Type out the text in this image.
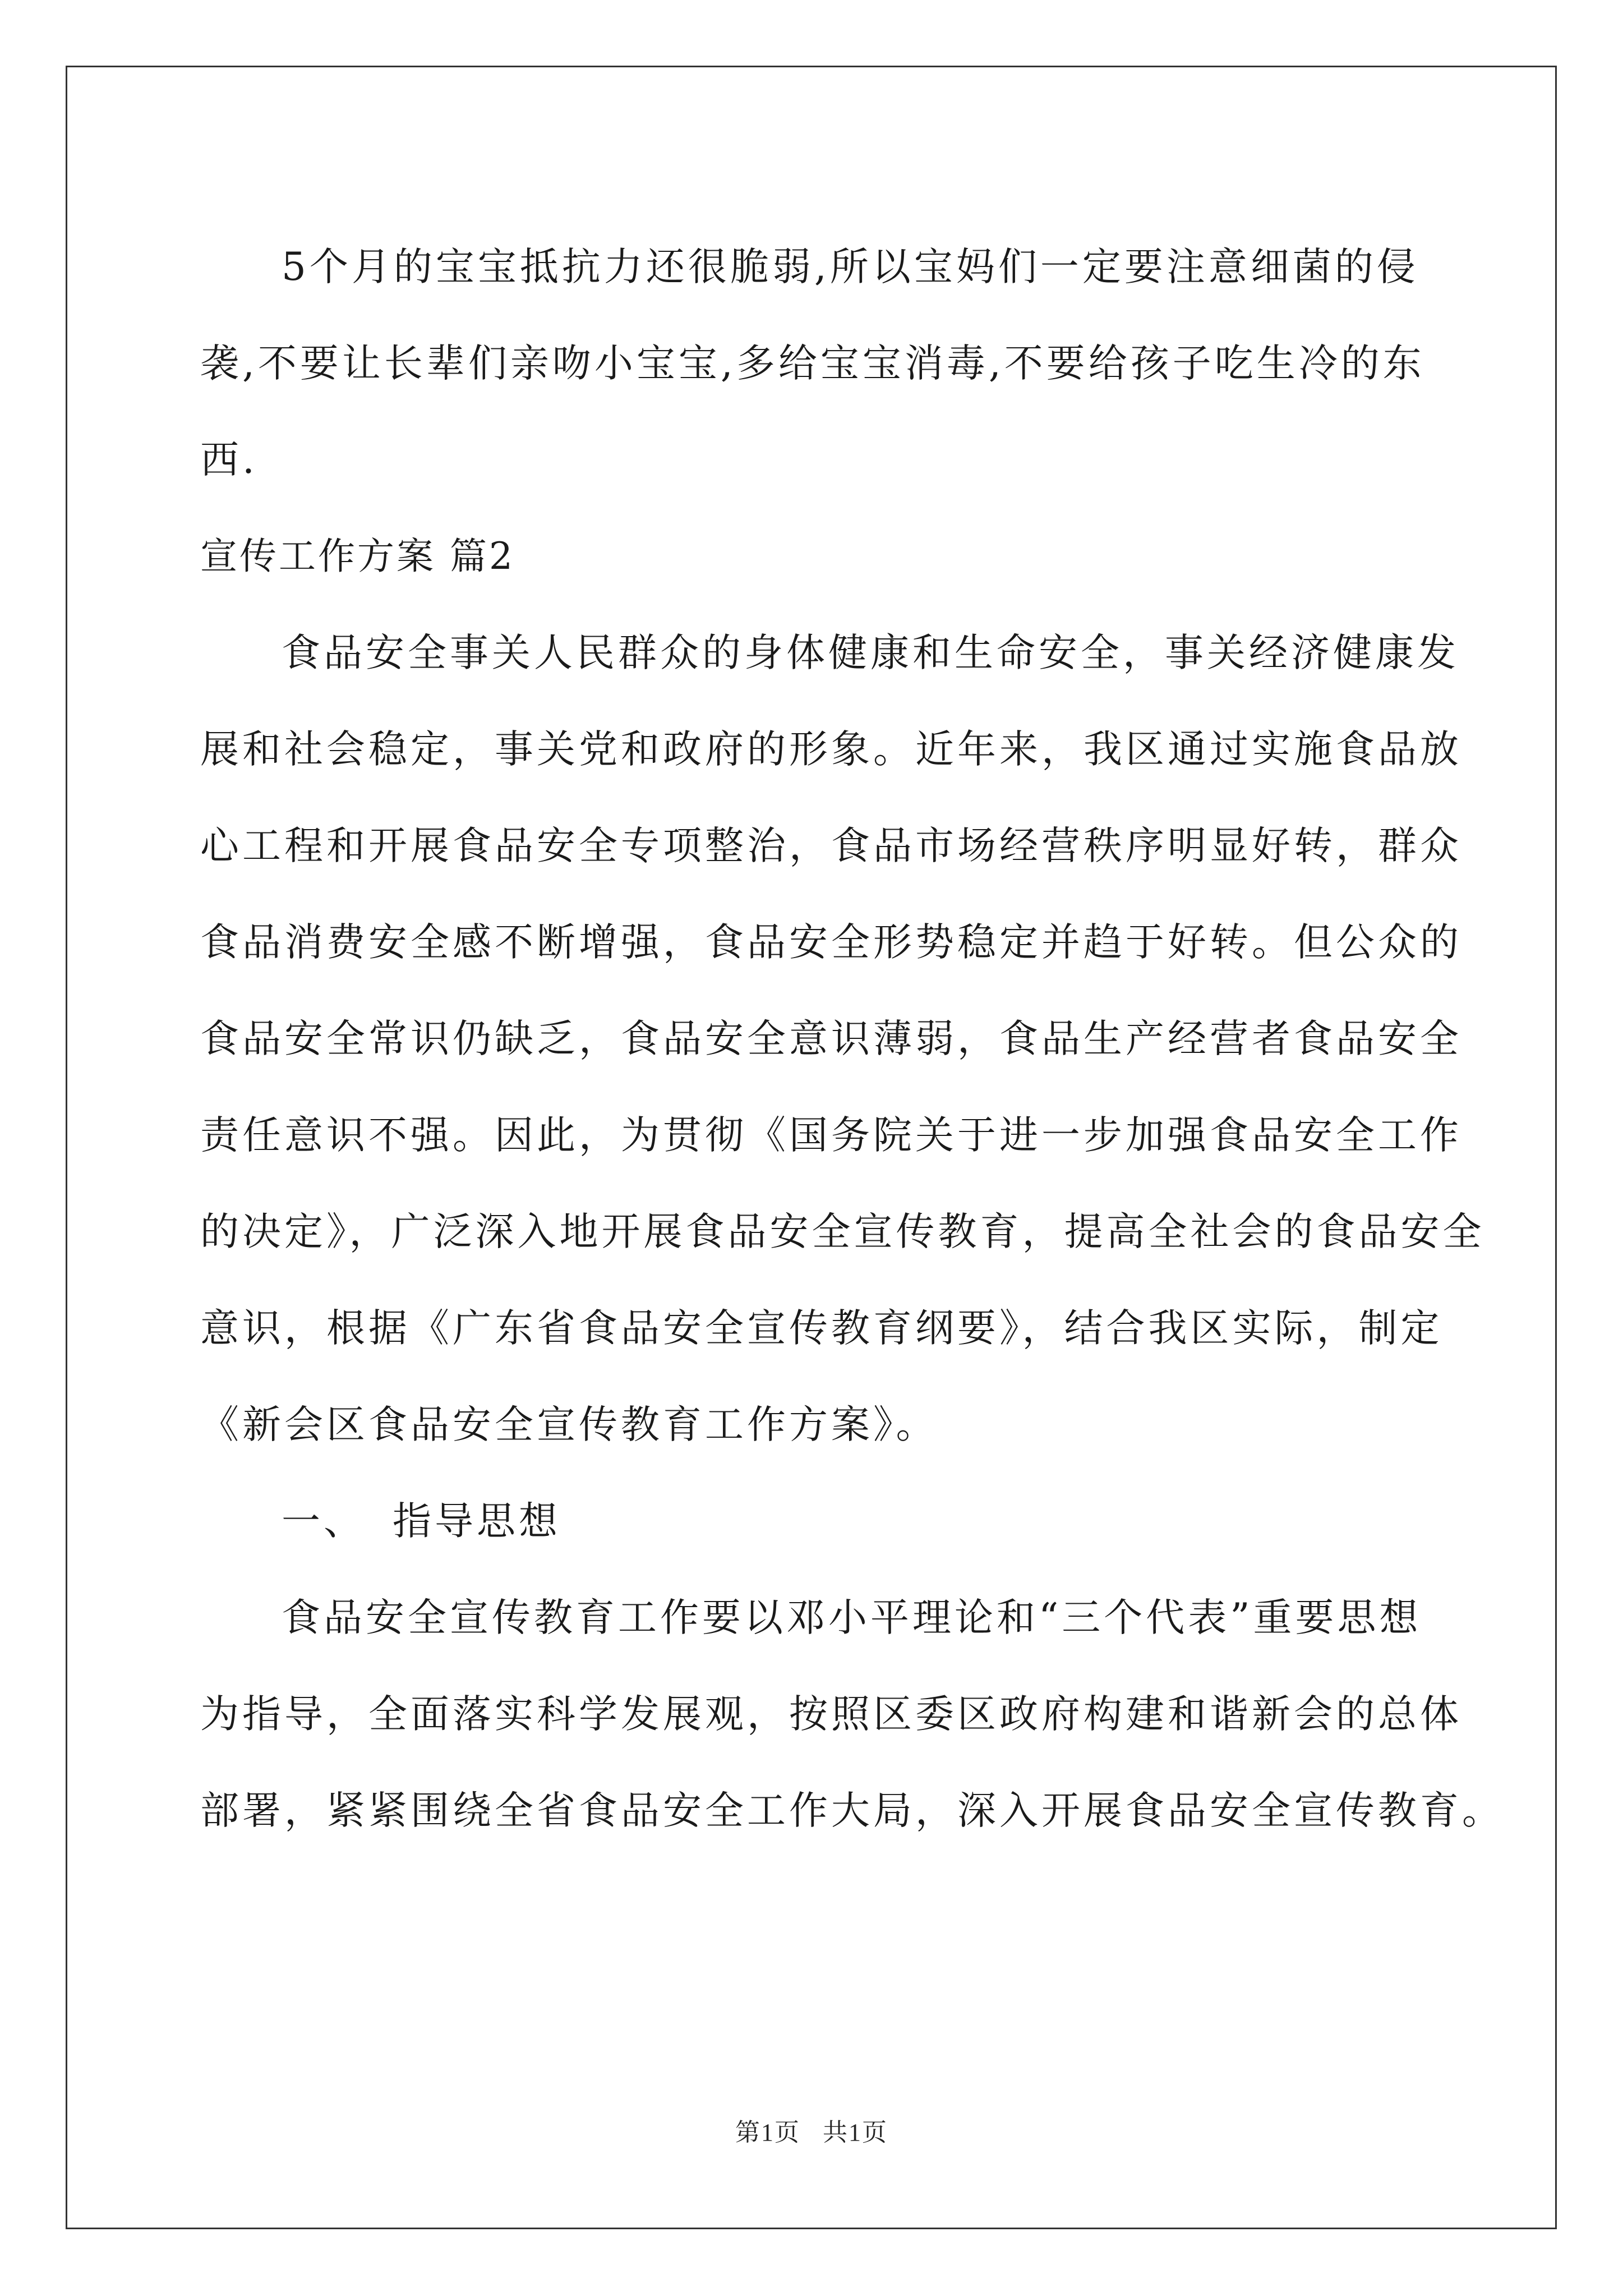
5个月的宝宝抵抗力还很脆弱,所以宝妈们一定要注意细菌的侵
袭,不要让长辈们亲吻小宝宝,多给宝宝消毒,不要给孩子吃生冷的东
西.
宣传工作方案 篇2
食品安全事关人民群众的身体健康和生命安全，事关经济健康发
展和社会稳定，事关党和政府的形象。近年来，我区通过实施食品放
心工程和开展食品安全专项整治，食品市场经营秩序明显好转，群众
食品消费安全感不断增强，食品安全形势稳定并趋于好转。但公众的
食品安全常识仍缺乏，食品安全意识薄弱，食品生产经营者食品安全
责任意识不强。因此，为贯彻《国务院关于进一步加强食品安全工作
的决定》，广泛深入地开展食品安全宣传教育，提高全社会的食品安全
意识，根据《广东省食品安全宣传教育纲要》，结合我区实际，制定
《新会区食品安全宣传教育工作方案》。
一、 指导思想
食品安全宣传教育工作要以邓小平理论和“三个代表”重要思想
为指导，全面落实科学发展观，按照区委区政府构建和谐新会的总体
部署，紧紧围绕全省食品安全工作大局，深入开展食品安全宣传教育。
第1页 共1页
